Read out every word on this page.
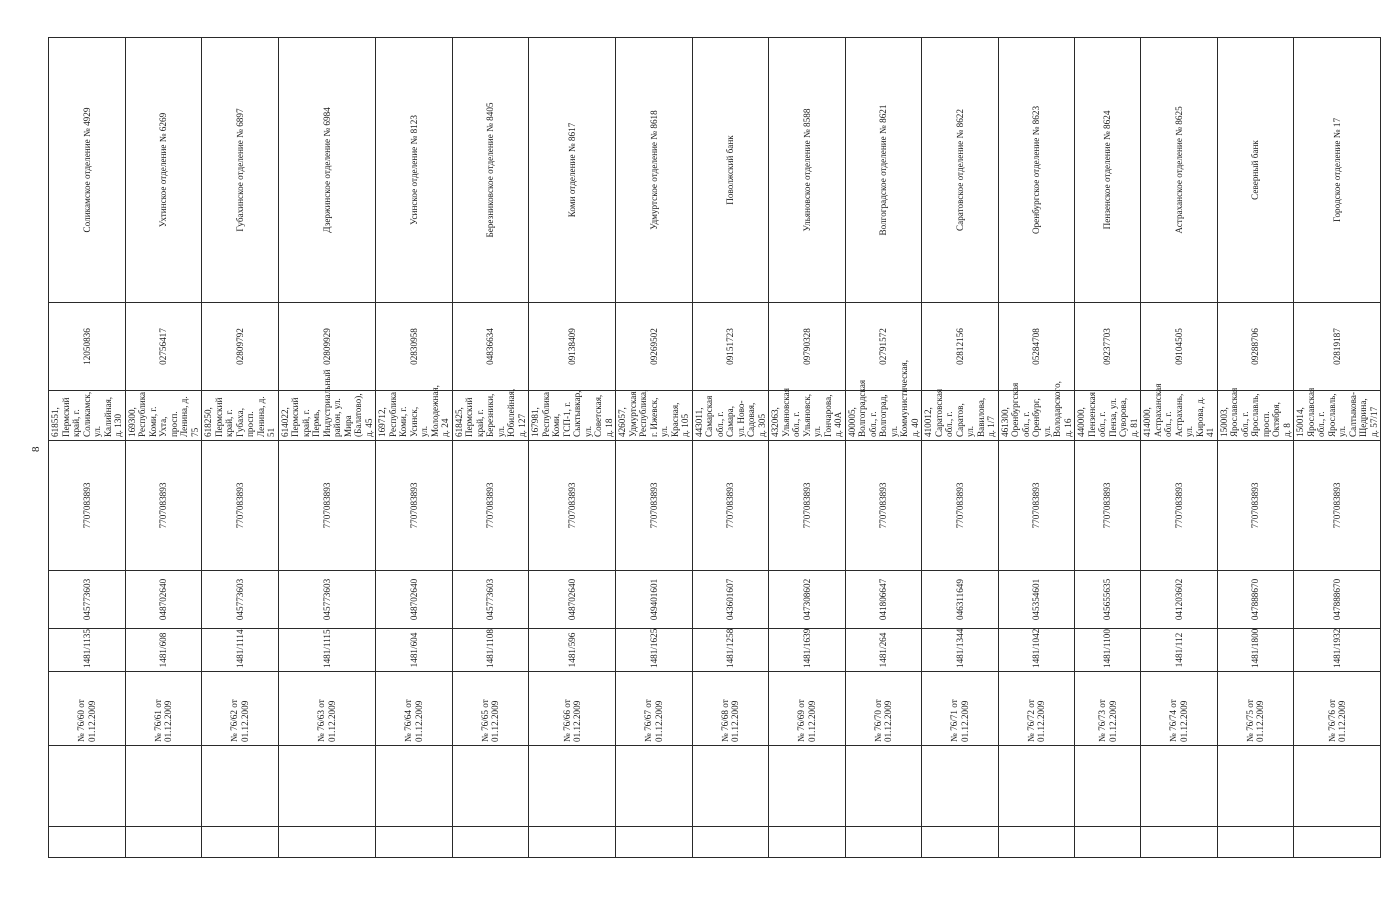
8
		№ 76/60 от 01.12.2009	1481/1135	045773603	7707083893	618551, Пермский край, г. Соликамск, ул. Калийная, д. 130	12050836	Соликамское отделение № 4929
		№ 76/61 от 01.12.2009	1481/608	048702640	7707083893	169300, Республика Коми, г. Ухта, просп. Ленина, д. 75	02756417	Ухтинское отделение № 6269
		№ 76/62 от 01.12.2009	1481/1114	045773603	7707083893	618250, Пермский край, г. Губаха, просп. Ленина, д. 51	02809792	Губахинское отделение № 6897
		№ 76/63 от 01.12.2009	1481/1115	045773603	7707083893	614022, Пермский край, г. Пермь, Индустриальный район, ул. Мира (Балатово), д. 45	02809929	Дзержинское отделение № 6984
		№ 76/64 от 01.12.2009	1481/604	048702640	7707083893	169712, Республика Коми, г. Усинск, ул. Молодежная, д. 24	02830958	Усинское отделение № 8123
		№ 76/65 от 01.12.2009	1481/1108	045773603	7707083893	618425, Пермский край, г. Березники, ул. Юбилейная, д. 127	04836634	Березниковское отделение № 8405
		№ 76/66 от 01.12.2009	1481/596	048702640	7707083893	167981, Республика Коми, ГСП-1, г. Сыктывкар, ул. Советская, д. 18	09138409	Коми отделение № 8617
		№ 76/67 от 01.12.2009	1481/1625	049401601	7707083893	426057, Удмуртская Республика, г. Ижевск, ул. Красная, д. 105	09269502	Удмуртское отделение № 8618
		№ 76/68 от 01.12.2009	1481/1258	043601607	7707083893	443011, Самарская обл., г. Самара, ул. Ново-Садовая, д. 305	09151723	Поволжский банк
		№ 76/69 от 01.12.2009	1481/1639	047308602	7707083893	432063, Ульяновская обл., г. Ульяновск, ул. Гончарова, д. 40А	09790328	Ульяновское отделение № 8588
		№ 76/70 от 01.12.2009	1481/264	041806647	7707083893	400005, Волгоградская обл., г. Волгоград, ул. Коммунистическая, д. 40	02791572	Волгоградское отделение № 8621
		№ 76/71 от 01.12.2009	1481/1344	046311649	7707083893	410012, Саратовская обл., г. Саратов, ул. Вавилова, д. 1/7	02812156	Саратовское отделение № 8622
		№ 76/72 от 01.12.2009	1481/1042	045354601	7707083893	461300, Оренбургская обл., г. Оренбург, ул. Володарского, д. 16	05284708	Оренбургское отделение № 8623
		№ 76/73 от 01.12.2009	1481/1100	045655635	7707083893	440000, Пензенская обл., г. Пенза, ул. Суворова, д. 81	09237703	Пензенское отделение № 8624
		№ 76/74 от 01.12.2009	1481/112	041203602	7707083893	414000, Астраханская обл., г. Астрахань, ул. Кирова, д. 41	09104505	Астраханское отделение № 8625
		№ 76/75 от 01.12.2009	1481/1800	047888670	7707083893	150003, Ярославская обл., г. Ярославль, просп. Октября, д. 8	09288706	Северный банк
		№ 76/76 от 01.12.2009	1481/1932	047888670	7707083893	150014, Ярославская обл., г. Ярославль, ул. Салтыкова-Щедрина, д. 57/17	02819187	Городское отделение № 17
